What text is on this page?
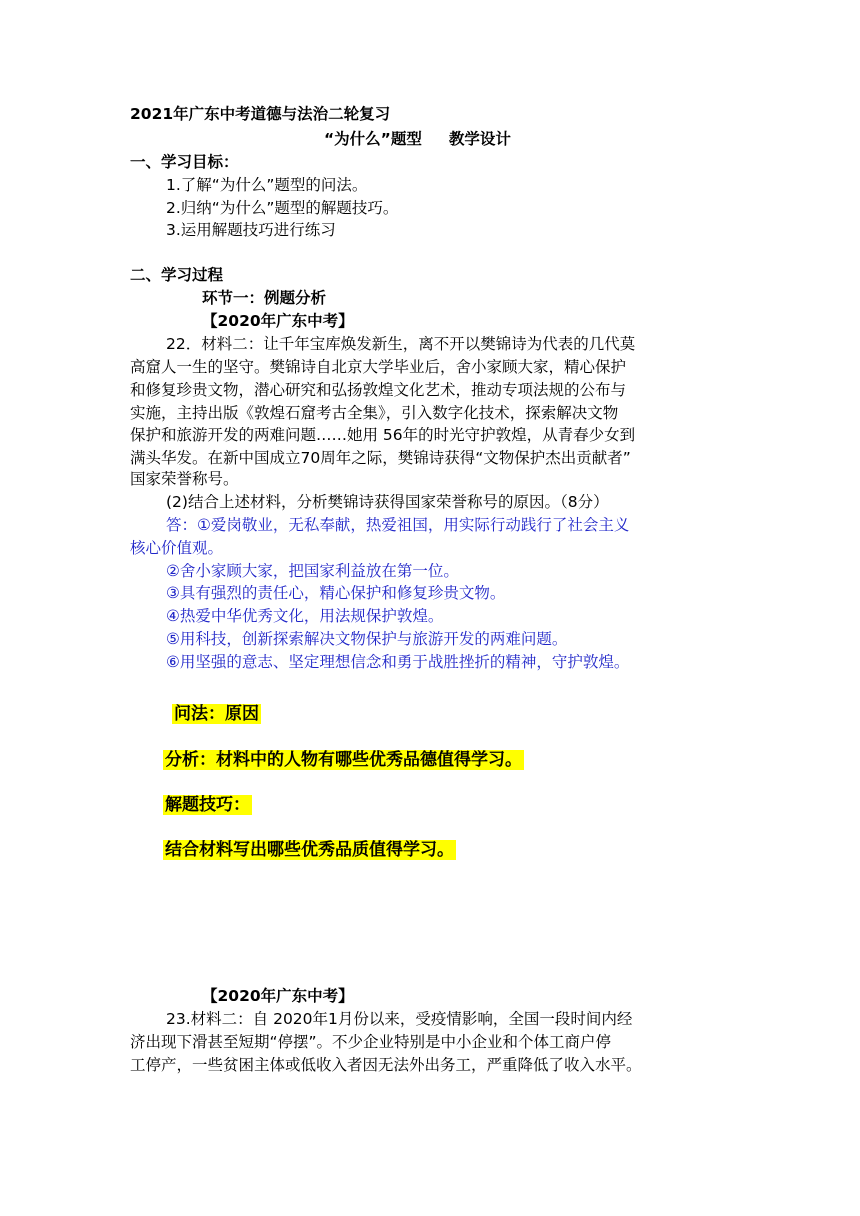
2021年广东中考道德与法治二轮复习
“为什么”题型     教学设计
一、学习目标：
1.了解“为什么”题型的问法。
2.归纳“为什么”题型的解题技巧。
3.运用解题技巧进行练习
二、学习过程
环节一：例题分析
【2020年广东中考】
22．材料二：让千年宝库焕发新生，离不开以樊锦诗为代表的几代莫
高窟人一生的坚守。樊锦诗自北京大学毕业后，舍小家顾大家，精心保护
和修复珍贵文物，潜心研究和弘扬敦煌文化艺术，推动专项法规的公布与
实施，主持出版《敦煌石窟考古全集》，引入数字化技术，探索解决文物
保护和旅游开发的两难问题……她用 56年的时光守护敦煌，从青春少女到
满头华发。在新中国成立70周年之际，樊锦诗获得“文物保护杰出贡献者”
国家荣誉称号。
(2)结合上述材料，分析樊锦诗获得国家荣誉称号的原因。（8分）
答：①爱岗敬业，无私奉献，热爱祖国，用实际行动践行了社会主义
核心价值观。
②舍小家顾大家，把国家利益放在第一位。
③具有强烈的责任心，精心保护和修复珍贵文物。
④热爱中华优秀文化，用法规保护敦煌。
⑤用科技，创新探索解决文物保护与旅游开发的两难问题。
⑥用坚强的意志、坚定理想信念和勇于战胜挫折的精神，守护敦煌。
问法：原因
分析：材料中的人物有哪些优秀品德值得学习。
解题技巧：
结合材料写出哪些优秀品质值得学习。
【2020年广东中考】
23.材料二：自 2020年1月份以来，受疫情影响，全国一段时间内经
济出现下滑甚至短期“停摆”。不少企业特别是中小企业和个体工商户停
工停产，一些贫困主体或低收入者因无法外出务工，严重降低了收入水平。
